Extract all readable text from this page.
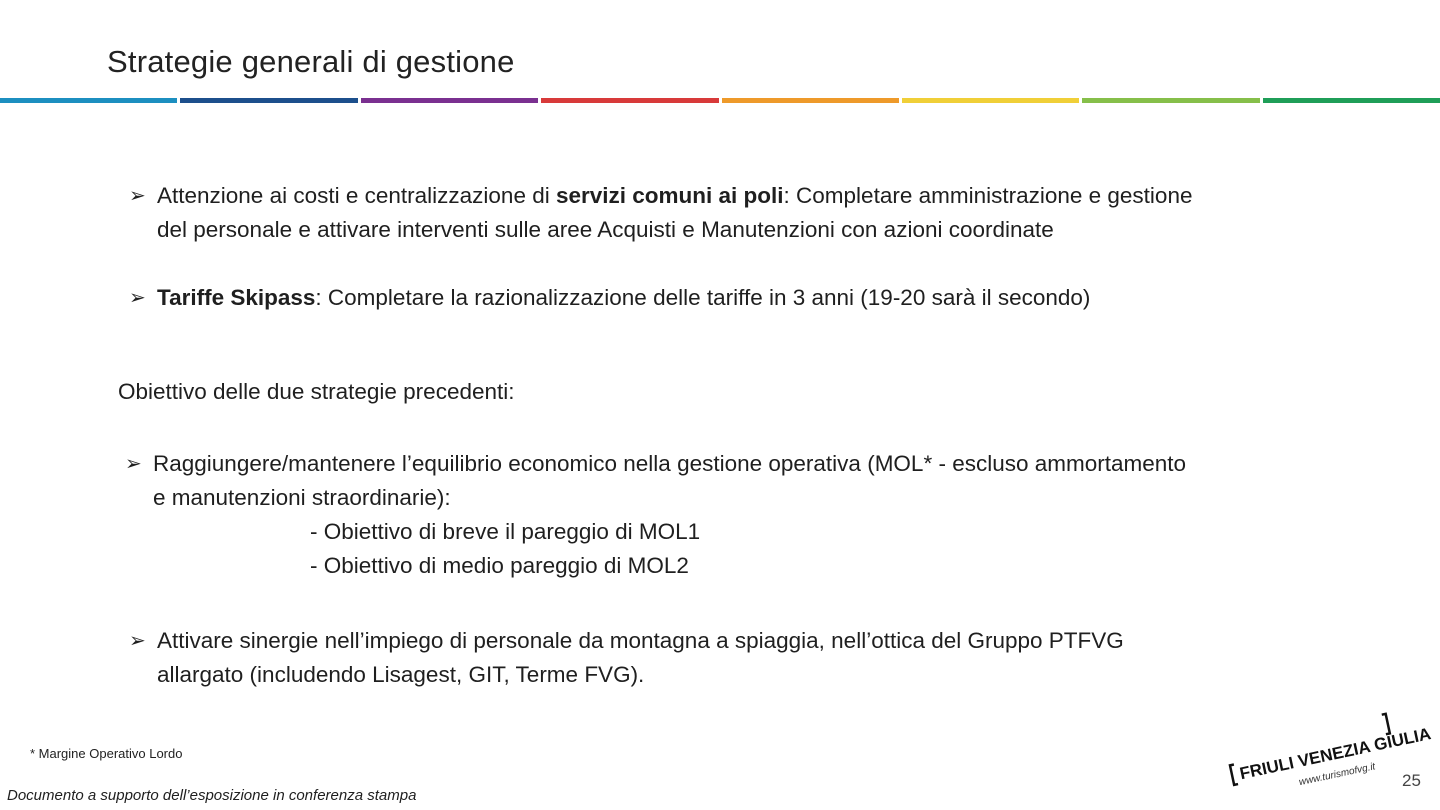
Strategie generali di gestione
➢ Attenzione ai costi e centralizzazione di servizi comuni ai poli: Completare amministrazione e gestione
del personale e attivare interventi sulle aree Acquisti e Manutenzioni con azioni coordinate
➢ Tariffe Skipass: Completare la razionalizzazione delle tariffe in 3 anni (19-20 sarà il secondo)
Obiettivo delle due strategie precedenti:
➢ Raggiungere/mantenere l’equilibrio economico nella gestione operativa (MOL* - escluso ammortamento
e manutenzioni straordinarie):
- Obiettivo di breve il pareggio di MOL1
- Obiettivo di medio pareggio di MOL2
➢ Attivare sinergie nell’impiego di personale da montagna a spiaggia, nell’ottica del Gruppo PTFVG
allargato (includendo Lisagest, GIT, Terme FVG).
* Margine Operativo Lordo
Documento a supporto dell’esposizione in conferenza stampa
25
FRIULI VENEZIA GIULIA
www.turismofvg.it
